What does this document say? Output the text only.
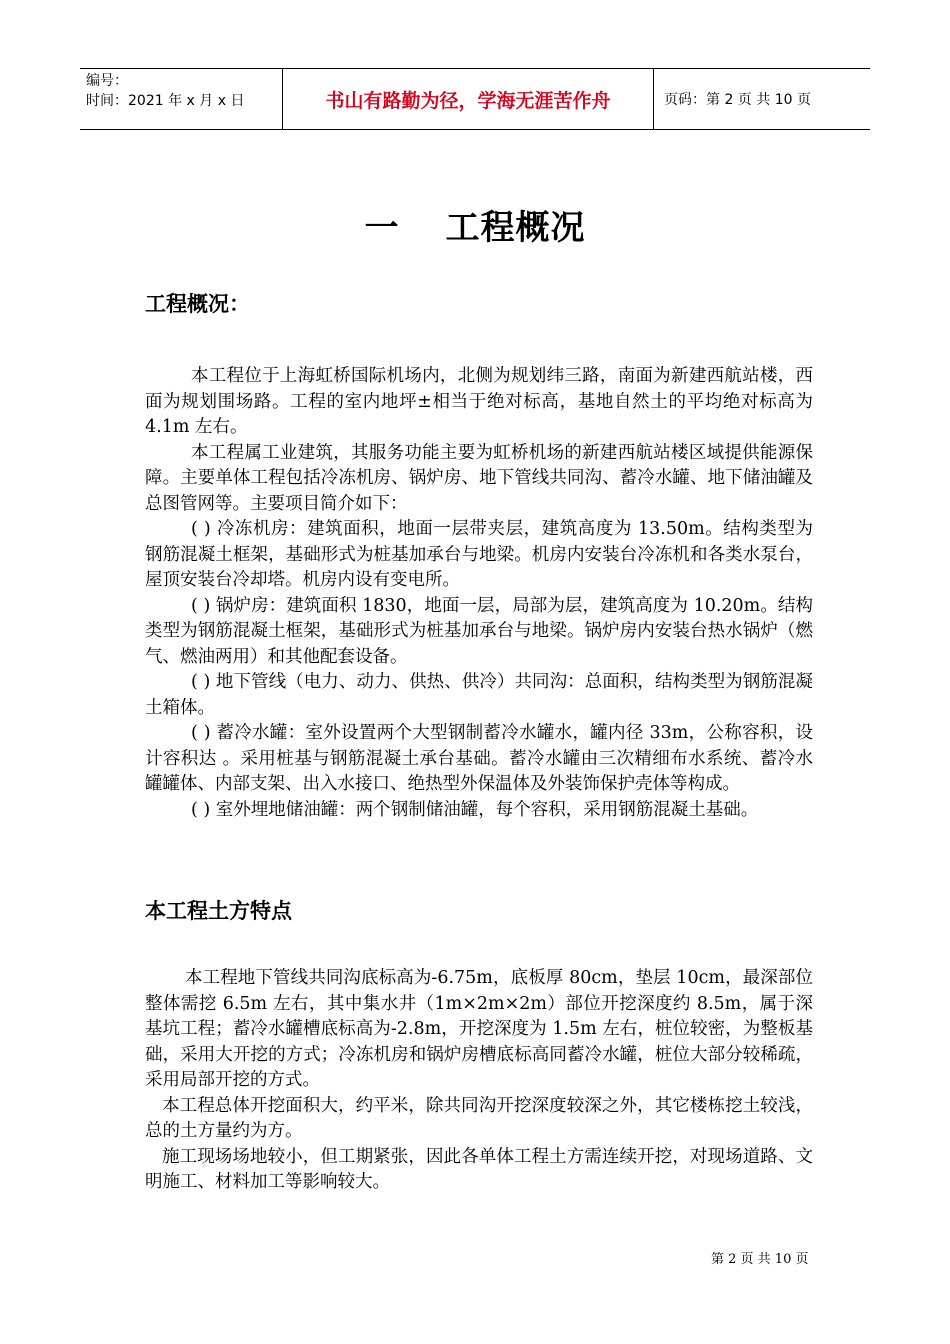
编号：
时间：2021 年 x 月 x 日	书山有路勤为径，学海无涯苦作舟	页码：第 2 页 共 10 页
一 工程概况
工程概况：

本工程位于上海虹桥国际机场内，北侧为规划纬三路，南面为新建西航站楼，西面为规划围场路。工程的室内地坪±相当于绝对标高，基地自然土的平均绝对标高为 4.1m 左右。

本工程属工业建筑，其服务功能主要为虹桥机场的新建西航站楼区域提供能源保障。主要单体工程包括冷冻机房、锅炉房、地下管线共同沟、蓄冷水罐、地下储油罐及总图管网等。主要项目简介如下：

( ) 冷冻机房：建筑面积，地面一层带夹层，建筑高度为 13.50m。结构类型为钢筋混凝土框架，基础形式为桩基加承台与地梁。机房内安装台冷冻机和各类水泵台，屋顶安装台冷却塔。机房内设有变电所。

( ) 锅炉房：建筑面积 1830，地面一层，局部为层，建筑高度为 10.20m。结构类型为钢筋混凝土框架，基础形式为桩基加承台与地梁。锅炉房内安装台热水锅炉（燃气、燃油两用）和其他配套设备。

( ) 地下管线（电力、动力、供热、供冷）共同沟：总面积，结构类型为钢筋混凝土箱体。

( ) 蓄冷水罐：室外设置两个大型钢制蓄冷水罐水，罐内径 33m，公称容积，设计容积达 。采用桩基与钢筋混凝土承台基础。蓄冷水罐由三次精细布水系统、蓄冷水罐罐体、内部支架、出入水接口、绝热型外保温体及外装饰保护壳体等构成。

( ) 室外埋地储油罐：两个钢制储油罐，每个容积，采用钢筋混凝土基础。

本工程土方特点

本工程地下管线共同沟底标高为-6.75m，底板厚 80cm，垫层 10cm，最深部位整体需挖 6.5m 左右，其中集水井（1m×2m×2m）部位开挖深度约 8.5m，属于深基坑工程；蓄冷水罐槽底标高为-2.8m，开挖深度为 1.5m 左右，桩位较密，为整板基础，采用大开挖的方式；冷冻机房和锅炉房槽底标高同蓄冷水罐，桩位大部分较稀疏，采用局部开挖的方式。

本工程总体开挖面积大，约平米，除共同沟开挖深度较深之外，其它楼栋挖土较浅，总的土方量约为方。

施工现场场地较小，但工期紧张，因此各单体工程土方需连续开挖，对现场道路、文明施工、材料加工等影响较大。

第 2 页 共 10 页
